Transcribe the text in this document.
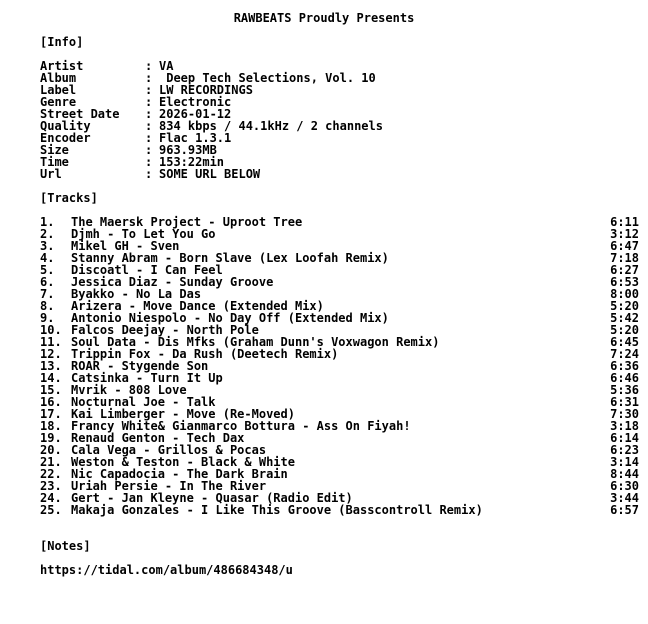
RAWBEATS Proudly Presents
[Info]
Artist	: VA
Album	: Deep Tech Selections, Vol. 10
Label	: LW RECORDINGS
Genre	: Electronic
Street Date : 2026-01-12
Quality	: 834 kbps / 44.1kHz / 2 channels
Encoder	: Flac 1.3.1
Size	: 963.93MB
Time	: 153:22min
Url	: SOME URL BELOW
[Tracks]
1. The Maersk Project - Uproot Tree	6:11
2. Djmh - To Let You Go	3:12
3. Mikel GH - Sven	6:47
4. Stanny Abram - Born Slave (Lex Loofah Remix)	7:18
5. Discoatl - I Can Feel	6:27
6. Jessica Diaz - Sunday Groove	6:53
7. Byakko - No La Das	8:00
8. Arizera - Move Dance (Extended Mix)	5:20
9. Antonio Niespolo - No Day Off (Extended Mix)	5:42
10. Falcos Deejay - North Pole	5:20
11. Soul Data - Dis Mfks (Graham Dunn's Voxwagon Remix)	6:45
12. Trippin Fox - Da Rush (Deetech Remix)	7:24
13. ROAR - Stygende Son	6:36
14. Catsinka - Turn It Up	6:46
15. Mvrik - 808 Love	5:36
16. Nocturnal Joe - Talk	6:31
17. Kai Limberger - Move (Re-Moved)	7:30
18. Francy White& Gianmarco Bottura - Ass On Fiyah!	3:18
19. Renaud Genton - Tech Dax	6:14
20. Cala Vega - Grillos & Pocas	6:23
21. Weston & Teston - Black & White	3:14
22. Nic Capadocia - The Dark Brain	8:44
23. Uriah Persie - In The River	6:30
24. Gert - Jan Kleyne - Quasar (Radio Edit)	3:44
25. Makaja Gonzales - I Like This Groove (Basscontroll Remix)	6:57
[Notes]
https://tidal.com/album/486684348/u
